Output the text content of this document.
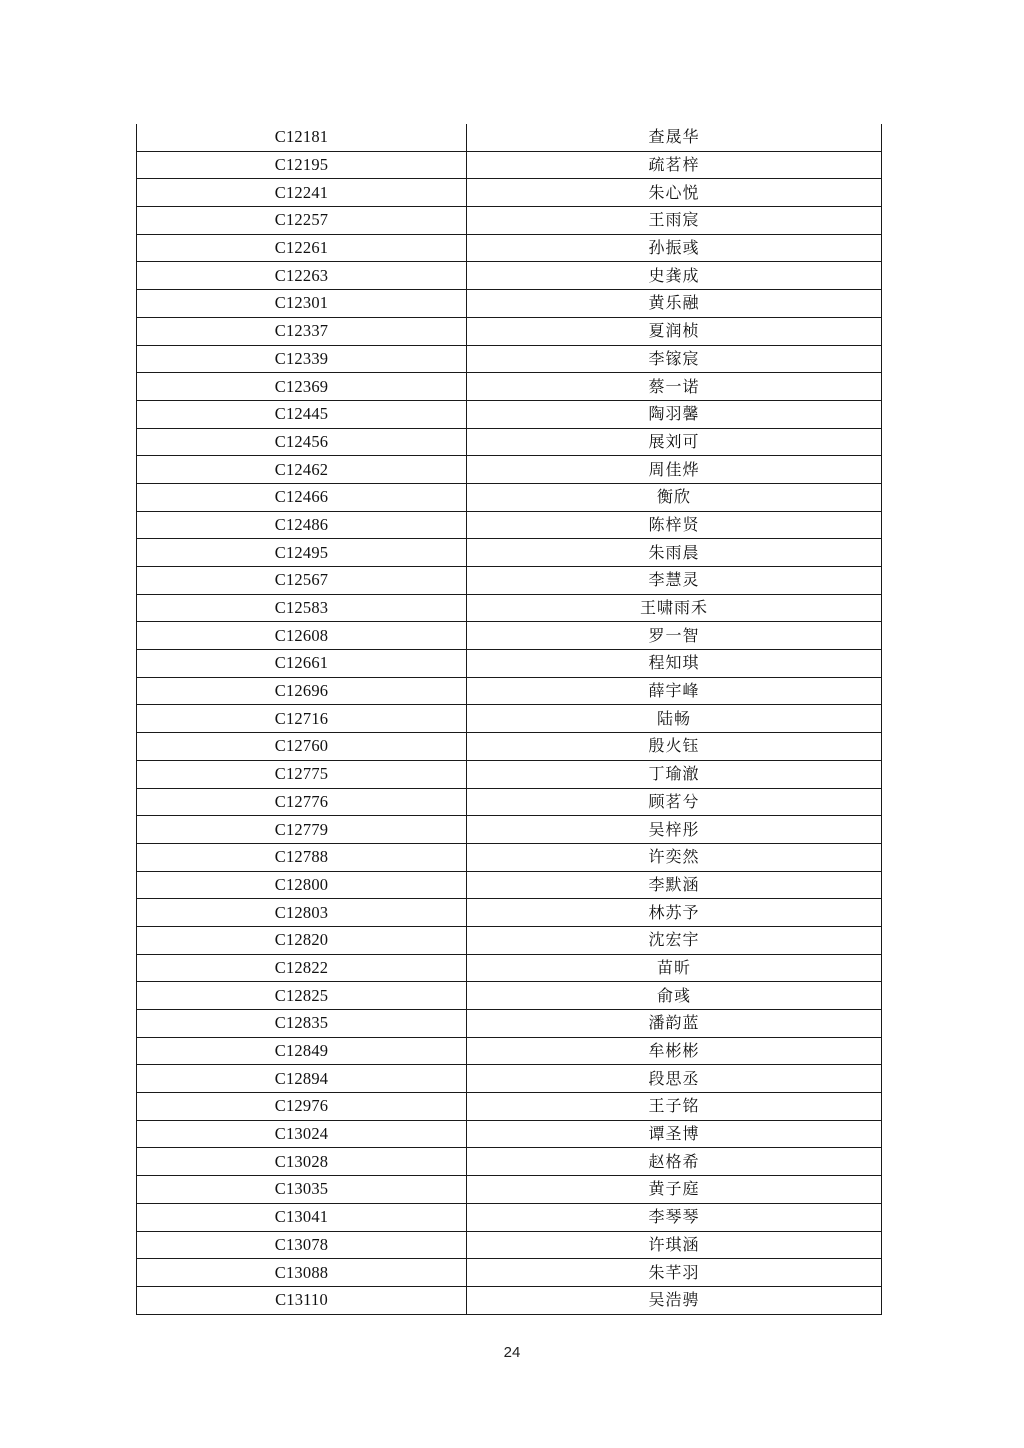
C12181	查晟华
C12195	疏茗梓
C12241	朱心悦
C12257	王雨宸
C12261	孙振彧
C12263	史龚成
C12301	黄乐融
C12337	夏润桢
C12339	李镓宸
C12369	蔡一诺
C12445	陶羽馨
C12456	展刘可
C12462	周佳烨
C12466	衡欣
C12486	陈梓贤
C12495	朱雨晨
C12567	李慧灵
C12583	王啸雨禾
C12608	罗一智
C12661	程知琪
C12696	薛宇峰
C12716	陆畅
C12760	殷火钰
C12775	丁瑜澈
C12776	顾茗兮
C12779	吴梓彤
C12788	许奕然
C12800	李默涵
C12803	林苏予
C12820	沈宏宇
C12822	苗昕
C12825	俞彧
C12835	潘韵蓝
C12849	牟彬彬
C12894	段思丞
C12976	王子铭
C13024	谭圣博
C13028	赵格希
C13035	黄子庭
C13041	李琴琴
C13078	许琪涵
C13088	朱芊羽
C13110	吴浩骋
24
